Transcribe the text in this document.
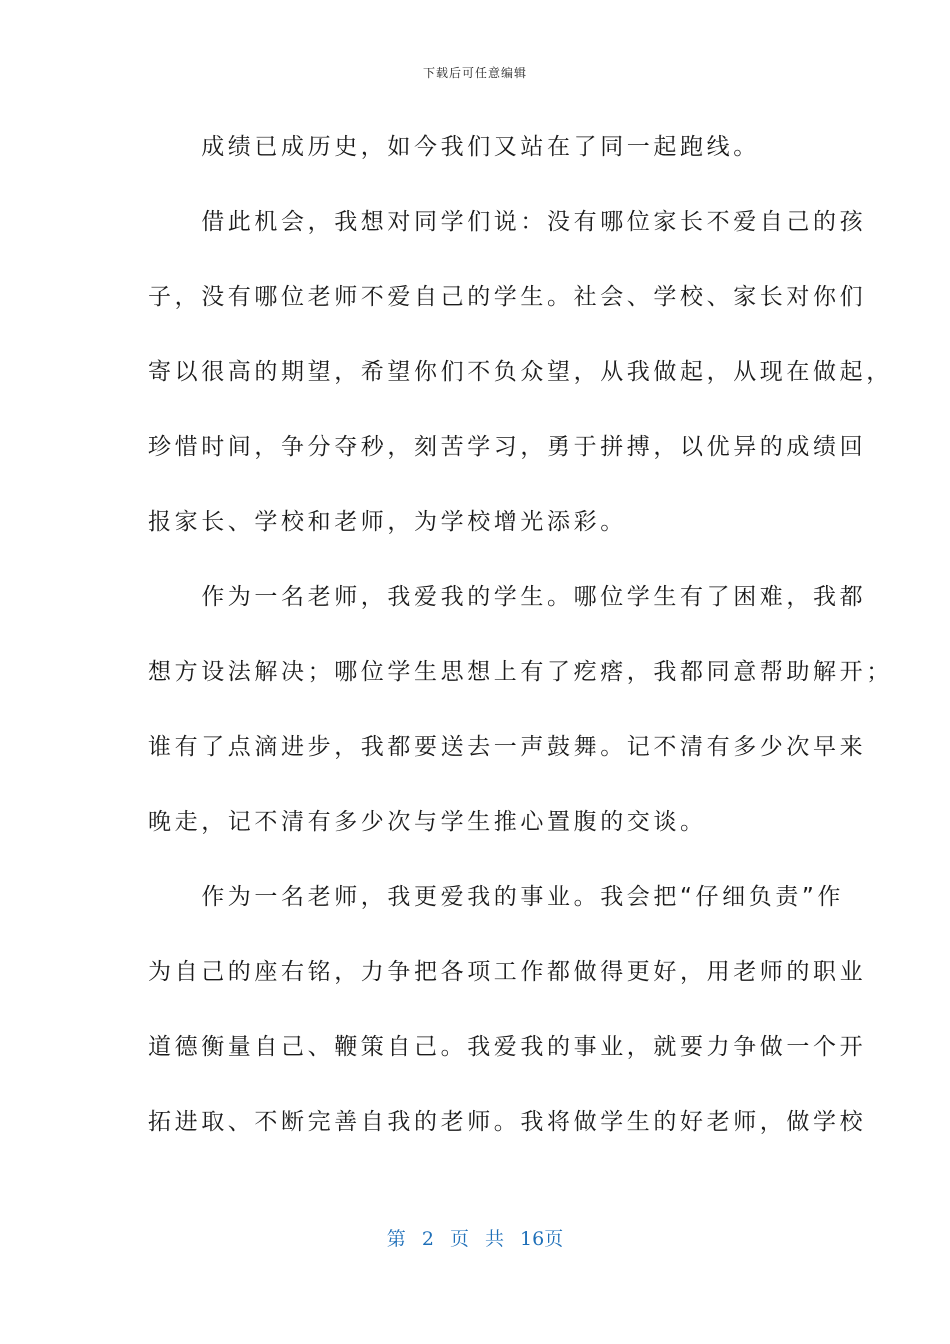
下载后可任意编辑
　　成绩已成历史，如今我们又站在了同一起跑线。
　　借此机会，我想对同学们说：没有哪位家长不爱自己的孩
子，没有哪位老师不爱自己的学生。社会、学校、家长对你们
寄以很高的期望，希望你们不负众望，从我做起，从现在做起，
珍惜时间，争分夺秒，刻苦学习，勇于拼搏，以优异的成绩回
报家长、学校和老师，为学校增光添彩。
　　作为一名老师，我爱我的学生。哪位学生有了困难，我都
想方设法解决；哪位学生思想上有了疙瘩，我都同意帮助解开；
谁有了点滴进步，我都要送去一声鼓舞。记不清有多少次早来
晚走，记不清有多少次与学生推心置腹的交谈。
　　作为一名老师，我更爱我的事业。我会把“仔细负责”作
为自己的座右铭，力争把各项工作都做得更好，用老师的职业
道德衡量自己、鞭策自己。我爱我的事业，就要力争做一个开
拓进取、不断完善自我的老师。我将做学生的好老师，做学校
第 2 页 共 16页
